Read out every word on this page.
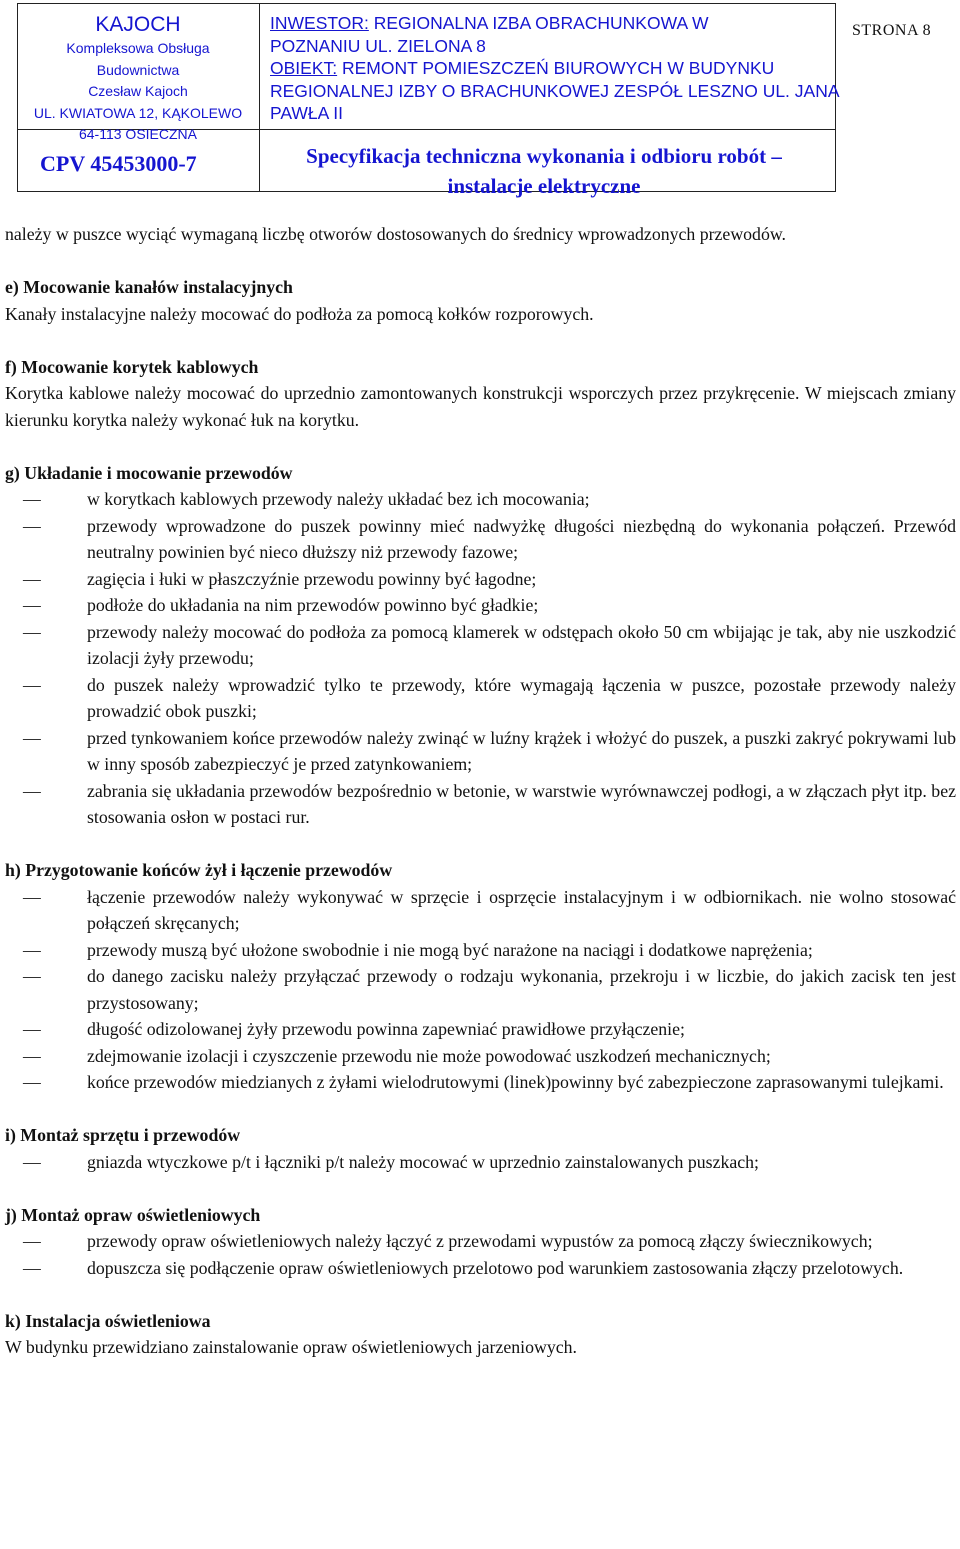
KAJOCH
Kompleksowa Obsługa
Budownictwa
Czesław Kajoch
UL. KWIATOWA 12, KĄKOLEWO
64-113 OSIECZNA
INWESTOR: REGIONALNA IZBA OBRACHUNKOWA W
POZNANIU UL. ZIELONA 8
OBIEKT: REMONT POMIESZCZEŃ BIUROWYCH W BUDYNKU
REGIONALNEJ IZBY O BRACHUNKOWEJ ZESPÓŁ LESZNO UL. JANA
PAWŁA II
STRONA 8
CPV 45453000-7	Specyfikacja techniczna wykonania i odbioru robót –
instalacje elektryczne

należy w puszce wyciąć wymaganą liczbę otworów dostosowanych do średnicy wprowadzonych przewodów.

e) Mocowanie kanałów instalacyjnych

Kanały instalacyjne należy mocować do podłoża za pomocą kołków rozporowych.

f) Mocowanie korytek kablowych

Korytka kablowe należy mocować do uprzednio zamontowanych konstrukcji wsporczych przez przykręcenie. W miejscach zmiany kierunku korytka należy wykonać łuk na korytku.

g) Układanie i mocowanie przewodów
—	w korytkach kablowych przewody należy układać bez ich mocowania;
—	przewody wprowadzone do puszek powinny mieć nadwyżkę długości niezbędną do wykonania połączeń. Przewód neutralny powinien być nieco dłuższy niż przewody fazowe;
—	zagięcia i łuki w płaszczyźnie przewodu powinny być łagodne;
—	podłoże do układania na nim przewodów powinno być gładkie;
—	przewody należy mocować do podłoża za pomocą klamerek w odstępach około 50 cm wbijając je tak, aby nie uszkodzić izolacji żyły przewodu;
—	do puszek należy wprowadzić tylko te przewody, które wymagają łączenia w puszce, pozostałe przewody należy prowadzić obok puszki;
—	przed tynkowaniem końce przewodów należy zwinąć w luźny krążek i włożyć do puszek, a puszki zakryć pokrywami lub w inny sposób zabezpieczyć je przed zatynkowaniem;
—	zabrania się układania przewodów bezpośrednio w betonie, w warstwie wyrównawczej podłogi, a w złączach płyt itp. bez stosowania osłon w postaci rur.
h) Przygotowanie końców żył i łączenie przewodów
—	łączenie przewodów należy wykonywać w sprzęcie i osprzęcie instalacyjnym i w odbiornikach. nie wolno stosować połączeń skręcanych;
—	przewody muszą być ułożone swobodnie i nie mogą być narażone na naciągi i dodatkowe naprężenia;
—	do danego zacisku należy przyłączać przewody o rodzaju wykonania, przekroju i w liczbie, do jakich zacisk ten jest przystosowany;
—	długość odizolowanej żyły przewodu powinna zapewniać prawidłowe przyłączenie;
—	zdejmowanie izolacji i czyszczenie przewodu nie może powodować uszkodzeń mechanicznych;
—	końce przewodów miedzianych z żyłami wielodrutowymi (linek)powinny być zabezpieczone zaprasowanymi tulejkami.
i) Montaż sprzętu i przewodów
—	gniazda wtyczkowe p/t i łączniki p/t należy mocować w uprzednio zainstalowanych puszkach;
j) Montaż opraw oświetleniowych
—	przewody opraw oświetleniowych należy łączyć z przewodami wypustów za pomocą złączy świecznikowych;
—	dopuszcza się podłączenie opraw oświetleniowych przelotowo pod warunkiem zastosowania złączy przelotowych.
k) Instalacja oświetleniowa

W budynku przewidziano zainstalowanie opraw oświetleniowych jarzeniowych.
